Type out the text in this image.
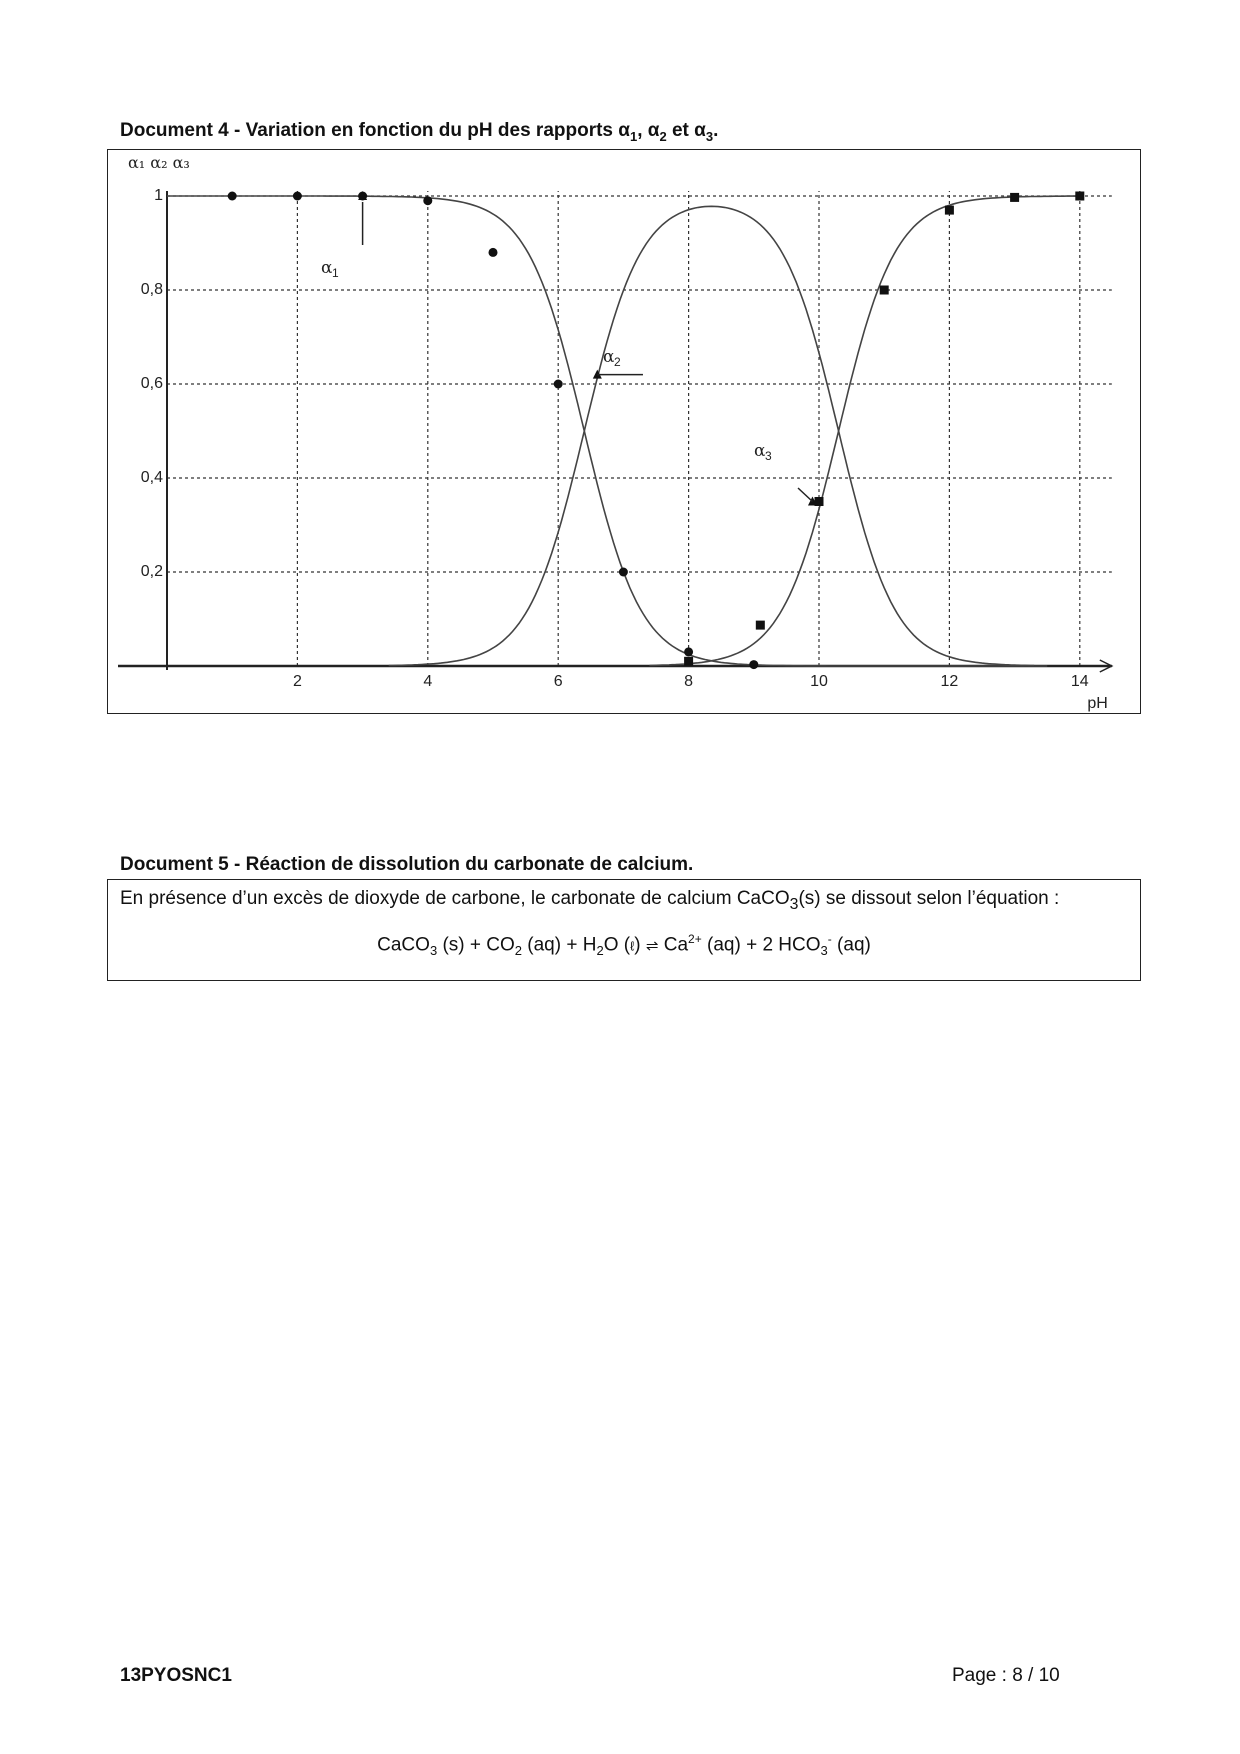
Document 4 - Variation en fonction du pH des rapports $\alpha_1$, $\alpha_2$ et $\alpha_3$.
2	4	6	8	10	12	14
0,2
0,4
0,6
0,8
1
α₁ α₂ α₃
pH
α 1
α 2
α 3
Document 5 - Réaction de dissolution du carbonate de calcium.
En présence d’un excès de dioxyde de carbone, le carbonate de calcium CaCO$_3$(s) se dissout selon l’équation :
CaCO$_3$ $(s) + CO_2$ $(aq) + H_2O$ (ℓ) ⇌ $Ca^{2+}$ (aq) + 2 $HCO_3^-$ (aq)
13PYOSNC1	Page : 8 / 10
